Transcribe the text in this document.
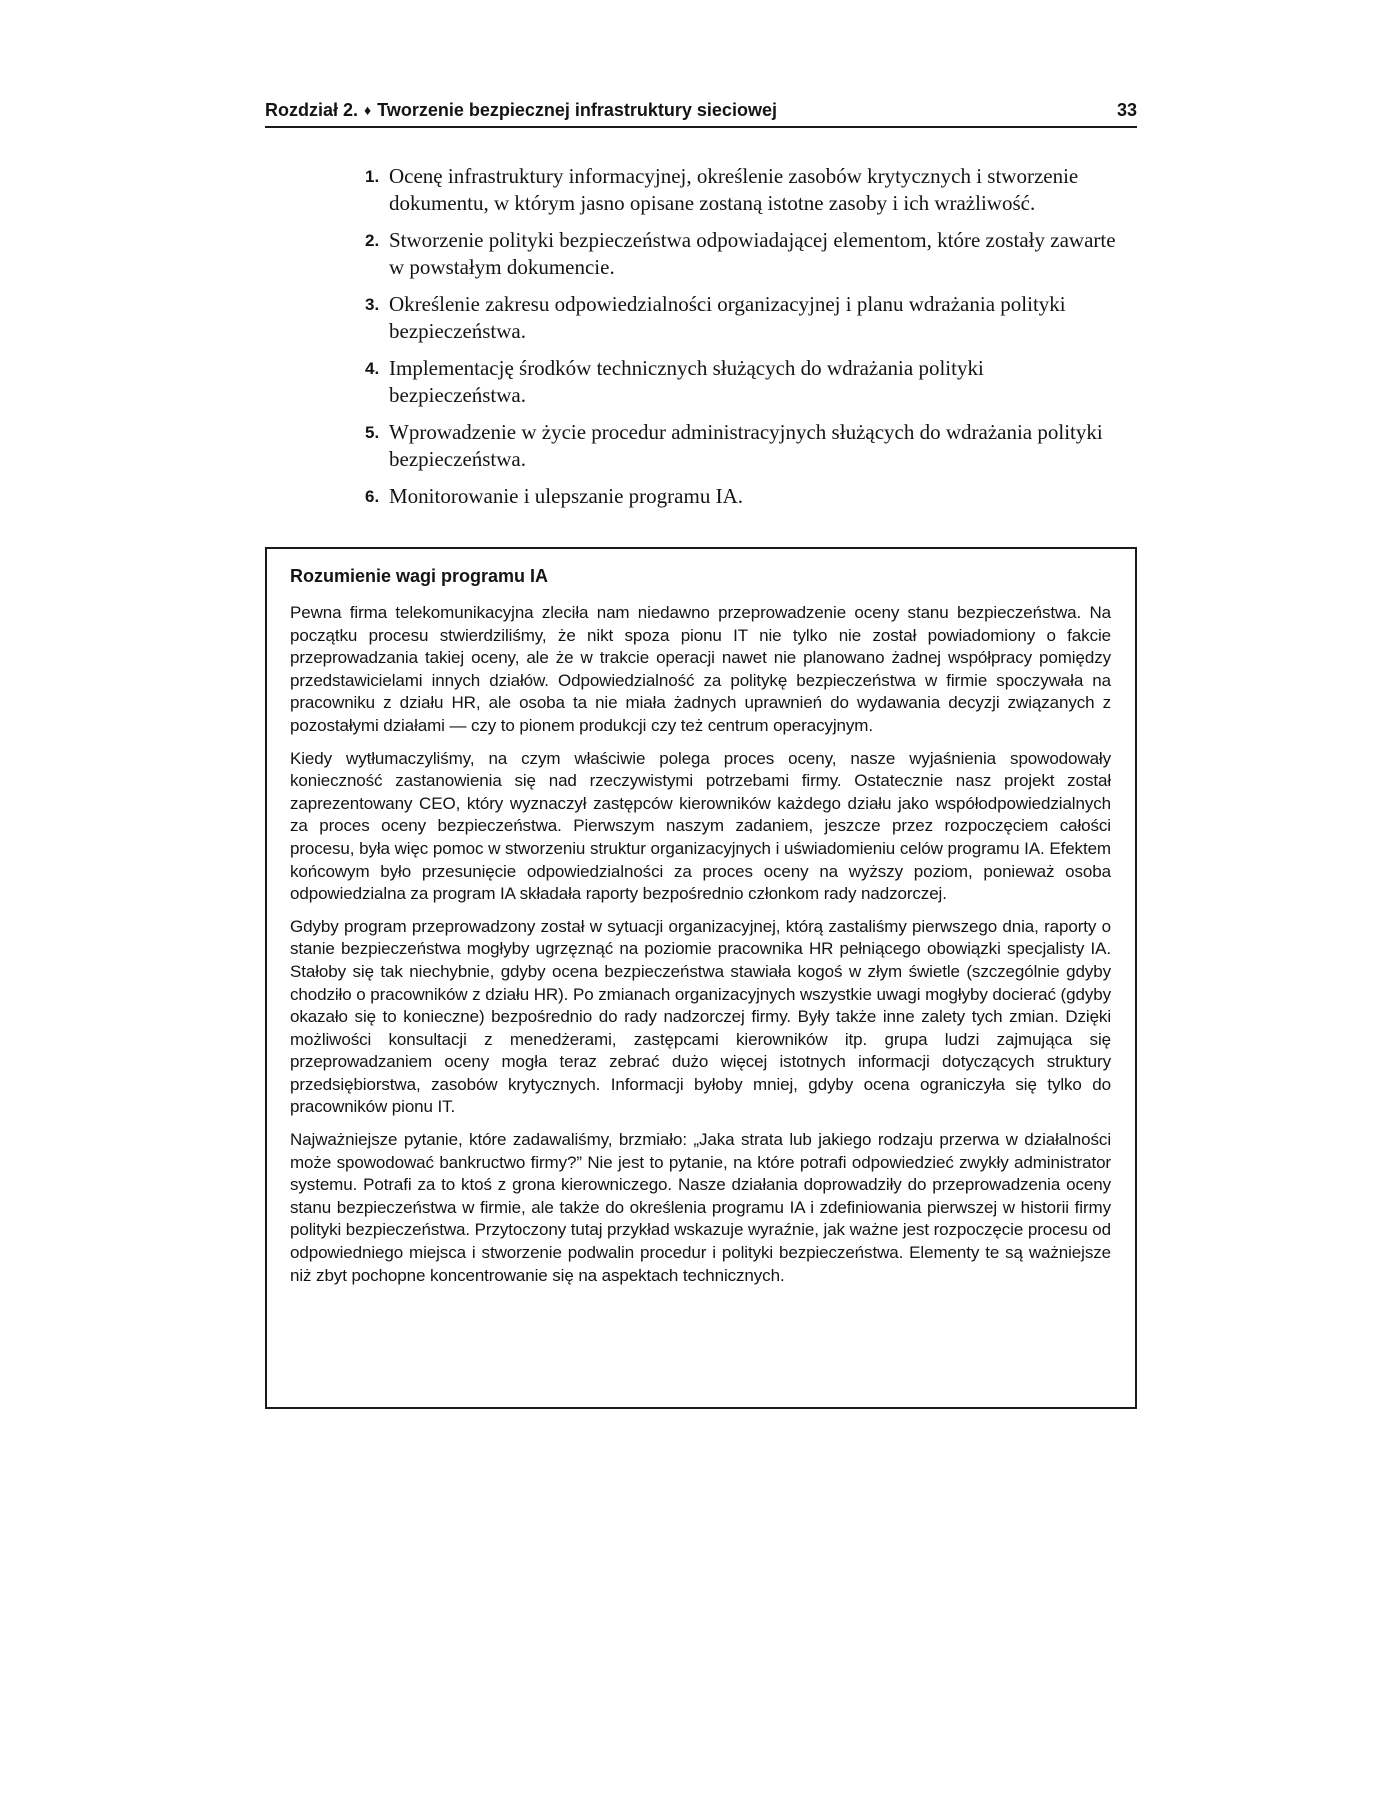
Rozdział 2. ♦ Tworzenie bezpiecznej infrastruktury sieciowej	33
1. Ocenę infrastruktury informacyjnej, określenie zasobów krytycznych i stworzenie dokumentu, w którym jasno opisane zostaną istotne zasoby i ich wrażliwość.
2. Stworzenie polityki bezpieczeństwa odpowiadającej elementom, które zostały zawarte w powstałym dokumencie.
3. Określenie zakresu odpowiedzialności organizacyjnej i planu wdrażania polityki bezpieczeństwa.
4. Implementację środków technicznych służących do wdrażania polityki bezpieczeństwa.
5. Wprowadzenie w życie procedur administracyjnych służących do wdrażania polityki bezpieczeństwa.
6. Monitorowanie i ulepszanie programu IA.
Rozumienie wagi programu IA

Pewna firma telekomunikacyjna zleciła nam niedawno przeprowadzenie oceny stanu bezpieczeństwa. Na początku procesu stwierdziliśmy, że nikt spoza pionu IT nie tylko nie został powiadomiony o fakcie przeprowadzania takiej oceny, ale że w trakcie operacji nawet nie planowano żadnej współpracy pomiędzy przedstawicielami innych działów. Odpowiedzialność za politykę bezpieczeństwa w firmie spoczywała na pracowniku z działu HR, ale osoba ta nie miała żadnych uprawnień do wydawania decyzji związanych z pozostałymi działami — czy to pionem produkcji czy też centrum operacyjnym.

Kiedy wytłumaczyliśmy, na czym właściwie polega proces oceny, nasze wyjaśnienia spowodowały konieczność zastanowienia się nad rzeczywistymi potrzebami firmy. Ostatecznie nasz projekt został zaprezentowany CEO, który wyznaczył zastępców kierowników każdego działu jako współodpowiedzialnych za proces oceny bezpieczeństwa. Pierwszym naszym zadaniem, jeszcze przez rozpoczęciem całości procesu, była więc pomoc w stworzeniu struktur organizacyjnych i uświadomieniu celów programu IA. Efektem końcowym było przesunięcie odpowiedzialności za proces oceny na wyższy poziom, ponieważ osoba odpowiedzialna za program IA składała raporty bezpośrednio członkom rady nadzorczej.

Gdyby program przeprowadzony został w sytuacji organizacyjnej, którą zastaliśmy pierwszego dnia, raporty o stanie bezpieczeństwa mogłyby ugrzęznąć na poziomie pracownika HR pełniącego obowiązki specjalisty IA. Stałoby się tak niechybnie, gdyby ocena bezpieczeństwa stawiała kogoś w złym świetle (szczególnie gdyby chodziło o pracowników z działu HR). Po zmianach organizacyjnych wszystkie uwagi mogłyby docierać (gdyby okazało się to konieczne) bezpośrednio do rady nadzorczej firmy. Były także inne zalety tych zmian. Dzięki możliwości konsultacji z menedżerami, zastępcami kierowników itp. grupa ludzi zajmująca się przeprowadzaniem oceny mogła teraz zebrać dużo więcej istotnych informacji dotyczących struktury przedsiębiorstwa, zasobów krytycznych. Informacji byłoby mniej, gdyby ocena ograniczyła się tylko do pracowników pionu IT.

Najważniejsze pytanie, które zadawaliśmy, brzmiało: „Jaka strata lub jakiego rodzaju przerwa w działalności może spowodować bankructwo firmy?” Nie jest to pytanie, na które potrafi odpowiedzieć zwykły administrator systemu. Potrafi za to ktoś z grona kierowniczego. Nasze działania doprowadziły do przeprowadzenia oceny stanu bezpieczeństwa w firmie, ale także do określenia programu IA i zdefiniowania pierwszej w historii firmy polityki bezpieczeństwa. Przytoczony tutaj przykład wskazuje wyraźnie, jak ważne jest rozpoczęcie procesu od odpowiedniego miejsca i stworzenie podwalin procedur i polityki bezpieczeństwa. Elementy te są ważniejsze niż zbyt pochopne koncentrowanie się na aspektach technicznych.
